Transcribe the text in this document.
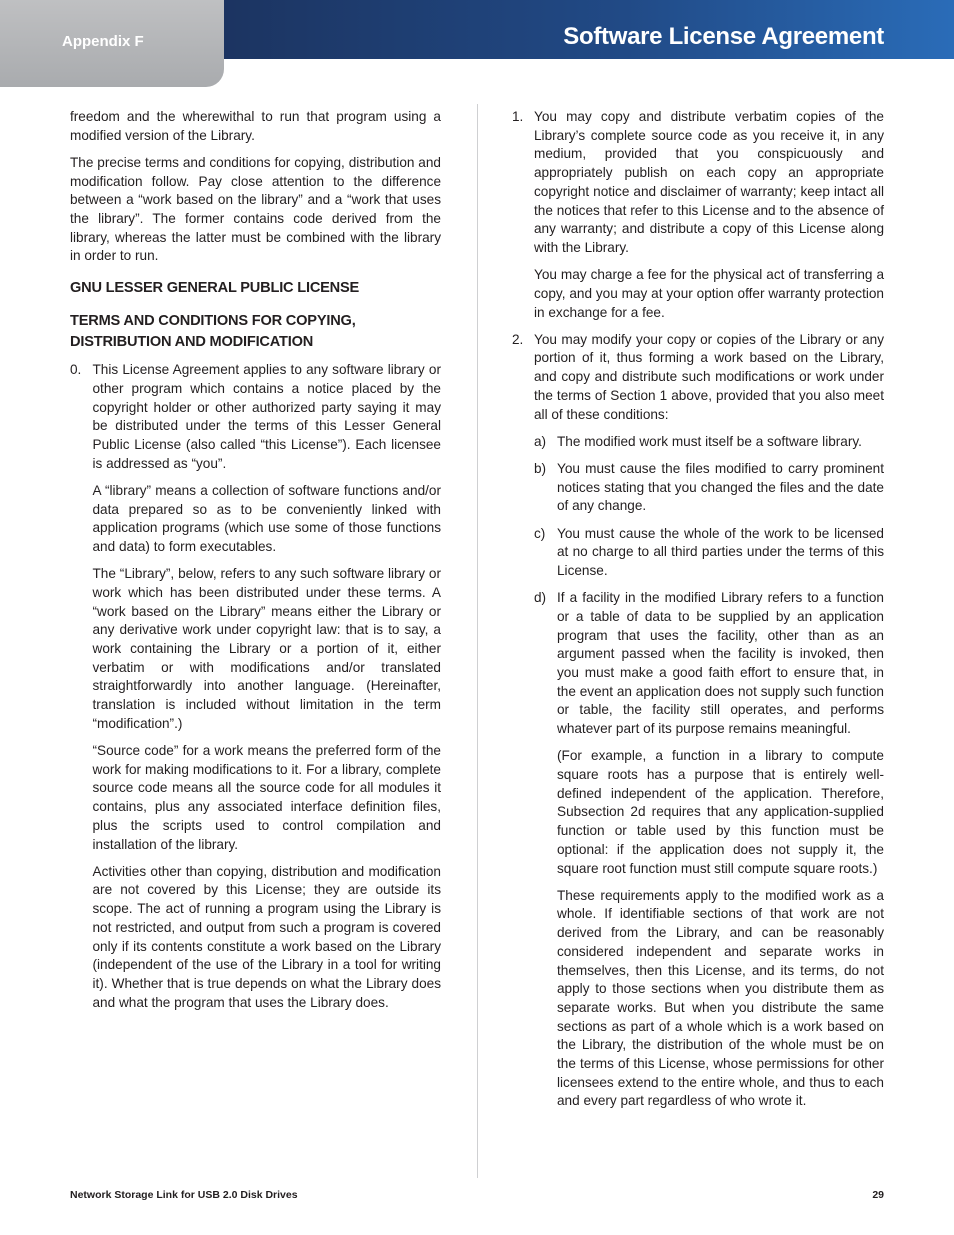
Appendix F	Software License Agreement

freedom and the wherewithal to run that program using a modified version of the Library.

The precise terms and conditions for copying, distribution and modification follow. Pay close attention to the difference between a “work based on the library” and a “work that uses the library”. The former contains code derived from the library, whereas the latter must be combined with the library in order to run.

GNU LESSER GENERAL PUBLIC LICENSE
TERMS AND CONDITIONS FOR COPYING, DISTRIBUTION AND MODIFICATION
0. This License Agreement applies to any software library or other program which contains a notice placed by the copyright holder or other authorized party saying it may be distributed under the terms of this Lesser General Public License (also called “this License”). Each licensee is addressed as “you”.

A “library” means a collection of software functions and/or data prepared so as to be conveniently linked with application programs (which use some of those functions and data) to form executables.

The “Library”, below, refers to any such software library or work which has been distributed under these terms. A “work based on the Library” means either the Library or any derivative work under copyright law: that is to say, a work containing the Library or a portion of it, either verbatim or with modifications and/or translated straightforwardly into another language. (Hereinafter, translation is included without limitation in the term “modification”.)

“Source code” for a work means the preferred form of the work for making modifications to it. For a library, complete source code means all the source code for all modules it contains, plus any associated interface definition files, plus the scripts used to control compilation and installation of the library.

Activities other than copying, distribution and modification are not covered by this License; they are outside its scope. The act of running a program using the Library is not restricted, and output from such a program is covered only if its contents constitute a work based on the Library (independent of the use of the Library in a tool for writing it). Whether that is true depends on what the Library does and what the program that uses the Library does.

1. You may copy and distribute verbatim copies of the Library’s complete source code as you receive it, in any medium, provided that you conspicuously and appropriately publish on each copy an appropriate copyright notice and disclaimer of warranty; keep intact all the notices that refer to this License and to the absence of any warranty; and distribute a copy of this License along with the Library.

You may charge a fee for the physical act of transferring a copy, and you may at your option offer warranty protection in exchange for a fee.

2. You may modify your copy or copies of the Library or any portion of it, thus forming a work based on the Library, and copy and distribute such modifications or work under the terms of Section 1 above, provided that you also meet all of these conditions:

a) The modified work must itself be a software library.

b) You must cause the files modified to carry prominent notices stating that you changed the files and the date of any change.

c) You must cause the whole of the work to be licensed at no charge to all third parties under the terms of this License.

d) If a facility in the modified Library refers to a function or a table of data to be supplied by an application program that uses the facility, other than as an argument passed when the facility is invoked, then you must make a good faith effort to ensure that, in the event an application does not supply such function or table, the facility still operates, and performs whatever part of its purpose remains meaningful.

(For example, a function in a library to compute square roots has a purpose that is entirely well-defined independent of the application. Therefore, Subsection 2d requires that any application-supplied function or table used by this function must be optional: if the application does not supply it, the square root function must still compute square roots.)

These requirements apply to the modified work as a whole. If identifiable sections of that work are not derived from the Library, and can be reasonably considered independent and separate works in themselves, then this License, and its terms, do not apply to those sections when you distribute them as separate works. But when you distribute the same sections as part of a whole which is a work based on the Library, the distribution of the whole must be on the terms of this License, whose permissions for other licensees extend to the entire whole, and thus to each and every part regardless of who wrote it.

Network Storage Link for USB 2.0 Disk Drives	29
